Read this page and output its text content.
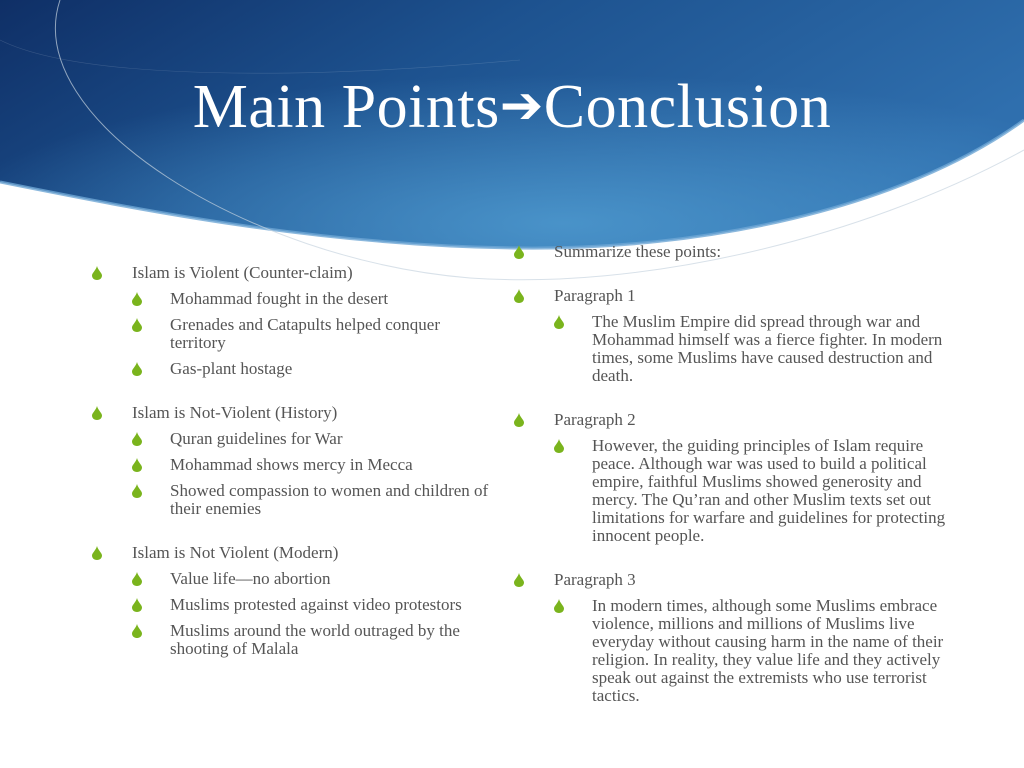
Main Points➔Conclusion
Islam is Violent (Counter-claim)
Mohammad fought in the desert
Grenades and Catapults helped conquer territory
Gas-plant hostage
Islam is Not-Violent (History)
Quran guidelines for War
Mohammad shows mercy in Mecca
Showed compassion to women and children of their enemies
Islam is Not Violent (Modern)
Value life—no abortion
Muslims protested against video protestors
Muslims around the world outraged by the shooting of Malala
Summarize these points:
Paragraph 1
The Muslim Empire did spread through war and Mohammad himself was a fierce fighter. In modern times, some Muslims have caused destruction and death.
Paragraph 2
However, the guiding principles of Islam require peace. Although war was used to build a political empire, faithful Muslims showed generosity and mercy. The Qu’ran and other Muslim texts set out limitations for warfare and guidelines for protecting innocent people.
Paragraph 3
In modern times, although some Muslims embrace violence, millions and millions of Muslims live everyday without causing harm in the name of their religion. In reality, they value life and they actively speak out against the extremists who use terrorist tactics.
